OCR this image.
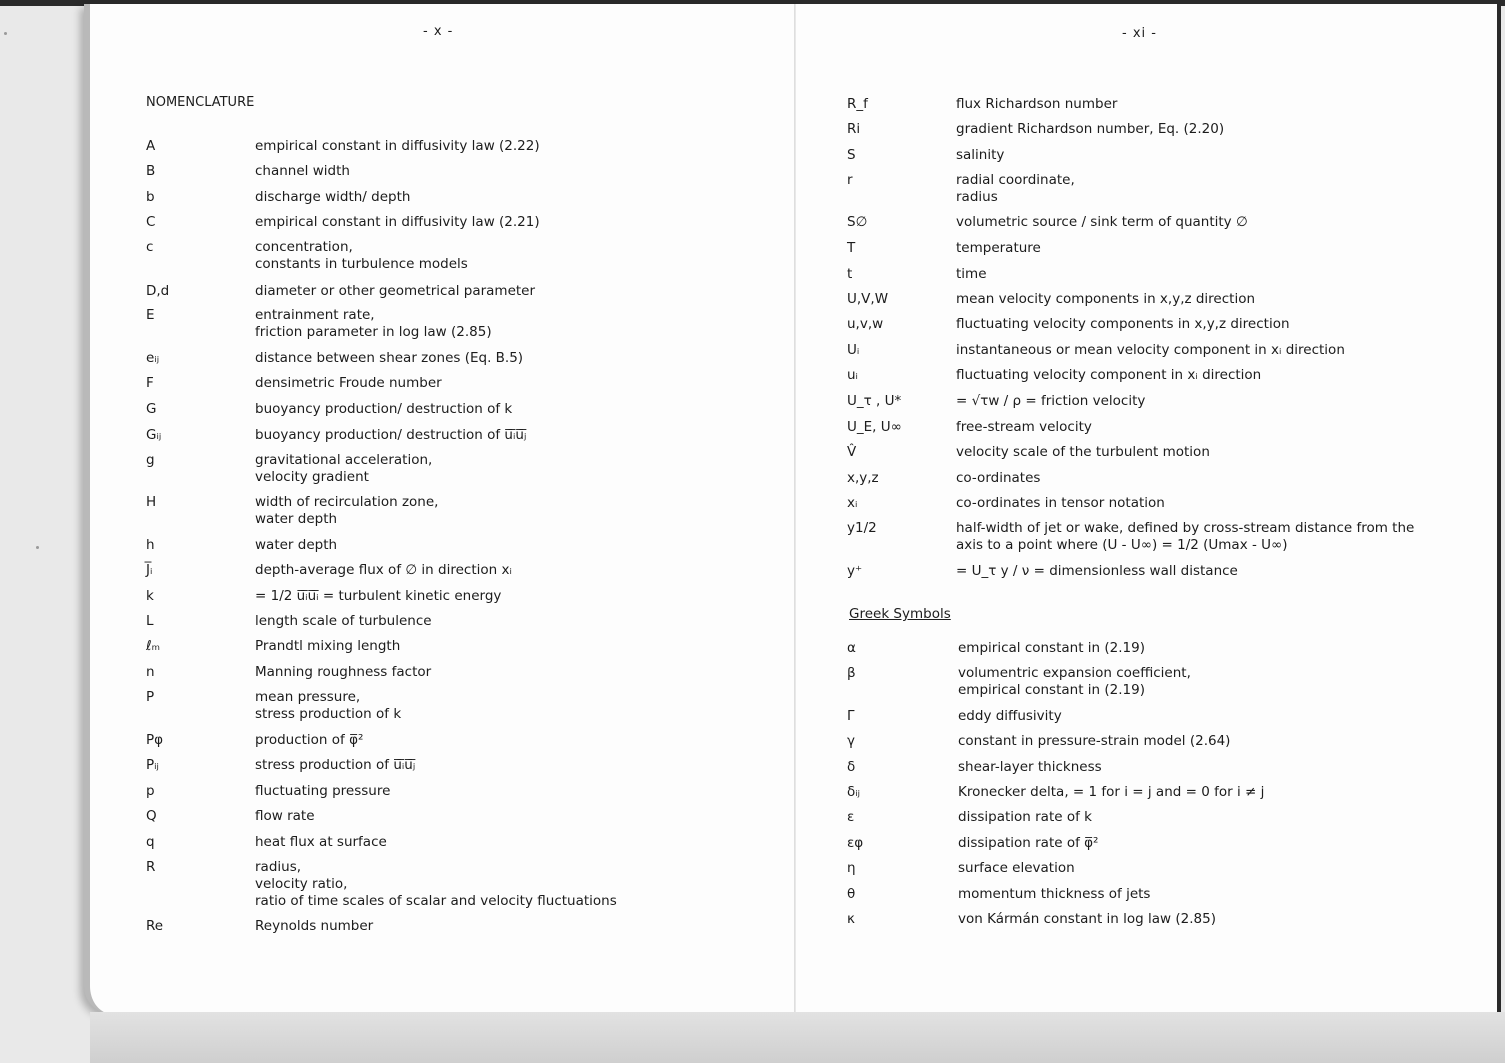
- x -
NOMENCLATURE
A	empirical constant in diffusivity law (2.22)
B	channel width
b	discharge width/ depth
C	empirical constant in diffusivity law (2.21)
c	concentration,
constants in turbulence models
D,d	diameter or other geometrical parameter
E	entrainment rate,
friction parameter in log law (2.85)
eᵢⱼ	distance between shear zones (Eq. B.5)
F	densimetric Froude number
G	buoyancy production/ destruction of k
Gᵢⱼ	buoyancy production/ destruction of u̅ᵢ̅u̅ⱼ̅
g	gravitational acceleration,
velocity gradient
H	width of recirculation zone,
water depth
h	water depth
J̅ᵢ	depth-average flux of ∅ in direction xᵢ
k	= 1/2 u̅ᵢ̅u̅ᵢ̅ = turbulent kinetic energy
L	length scale of turbulence
ℓₘ	Prandtl mixing length
n	Manning roughness factor
P	mean pressure,
stress production of k
Pφ	production of φ̅²
Pᵢⱼ	stress production of u̅ᵢ̅u̅ⱼ̅
p	fluctuating pressure
Q	flow rate
q	heat flux at surface
R	radius,
velocity ratio,
ratio of time scales of scalar and velocity fluctuations
Re	Reynolds number
- xi -
R_f	flux Richardson number
Ri	gradient Richardson number, Eq. (2.20)
S	salinity
r	radial coordinate,
radius
S∅	volumetric source / sink term of quantity ∅
T	temperature
t	time
U,V,W	mean velocity components in x,y,z direction
u,v,w	fluctuating velocity components in x,y,z direction
Uᵢ	instantaneous or mean velocity component in xᵢ direction
uᵢ	fluctuating velocity component in xᵢ direction
U_τ , U*	= √τw / ρ = friction velocity
U_E, U∞	free-stream velocity
V̂	velocity scale of the turbulent motion
x,y,z	co-ordinates
xᵢ	co-ordinates in tensor notation
y1/2	half-width of jet or wake, defined by cross-stream distance from the
axis to a point where (U - U∞) = 1/2 (Umax - U∞)
y⁺	= U_τ y / ν = dimensionless wall distance
Greek Symbols
α	empirical constant in (2.19)
β	volumentric expansion coefficient,
empirical constant in (2.19)
Γ	eddy diffusivity
γ	constant in pressure-strain model (2.64)
δ	shear-layer thickness
δᵢⱼ	Kronecker delta, = 1 for i = j and = 0 for i ≠ j
ε	dissipation rate of k
εφ	dissipation rate of φ̅²
η	surface elevation
θ	momentum thickness of jets
κ	von Kármán constant in log law (2.85)
